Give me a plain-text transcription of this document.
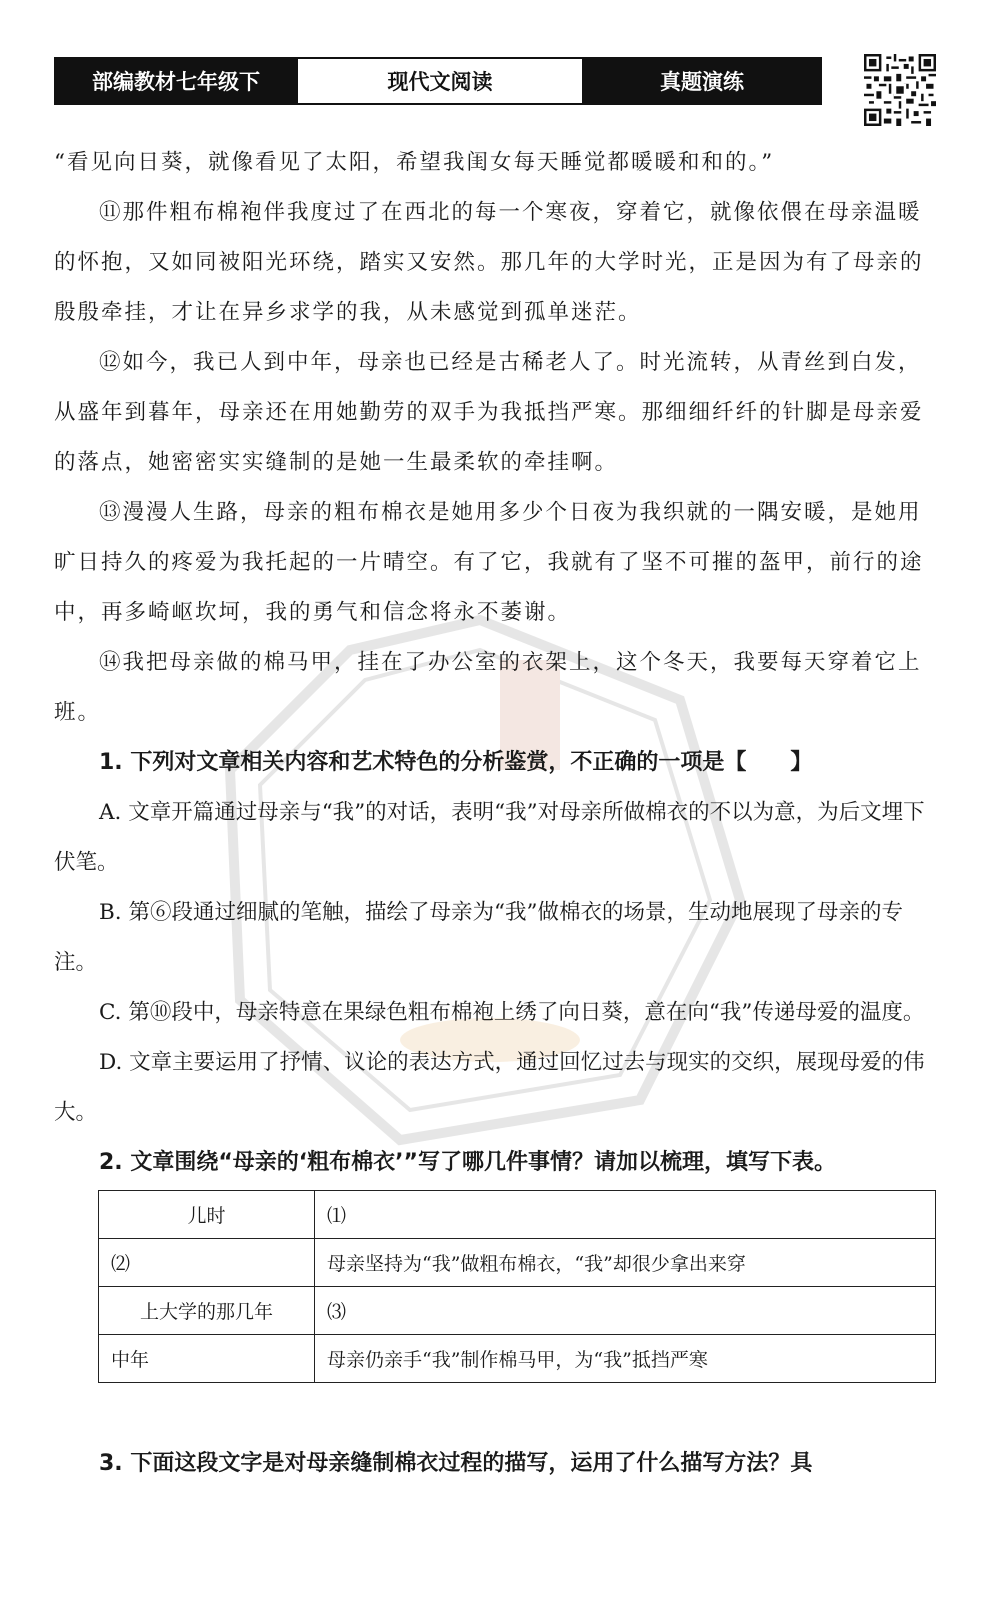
部编教材七年级下	现代文阅读	真题演练

“看见向日葵，就像看见了太阳，希望我闺女每天睡觉都暖暖和和的。”

⑪那件粗布棉袍伴我度过了在西北的每一个寒夜，穿着它，就像依偎在母亲温暖的怀抱，又如同被阳光环绕，踏实又安然。那几年的大学时光，正是因为有了母亲的殷殷牵挂，才让在异乡求学的我，从未感觉到孤单迷茫。

⑫如今，我已人到中年，母亲也已经是古稀老人了。时光流转，从青丝到白发，从盛年到暮年，母亲还在用她勤劳的双手为我抵挡严寒。那细细纤纤的针脚是母亲爱的落点，她密密实实缝制的是她一生最柔软的牵挂啊。

⑬漫漫人生路，母亲的粗布棉衣是她用多少个日夜为我织就的一隅安暖，是她用旷日持久的疼爱为我托起的一片晴空。有了它，我就有了坚不可摧的盔甲，前行的途中，再多崎岖坎坷，我的勇气和信念将永不萎谢。

⑭我把母亲做的棉马甲，挂在了办公室的衣架上，这个冬天，我要每天穿着它上班。

1. 下列对文章相关内容和艺术特色的分析鉴赏，不正确的一项是【　　】

A. 文章开篇通过母亲与“我”的对话，表明“我”对母亲所做棉衣的不以为意，为后文埋下伏笔。

B. 第⑥段通过细腻的笔触，描绘了母亲为“我”做棉衣的场景，生动地展现了母亲的专注。

C. 第⑩段中，母亲特意在果绿色粗布棉袍上绣了向日葵，意在向“我”传递母爱的温度。

D. 文章主要运用了抒情、议论的表达方式，通过回忆过去与现实的交织，展现母爱的伟大。

2. 文章围绕“母亲的‘粗布棉衣’”写了哪几件事情？请加以梳理，填写下表。

儿时	⑴
⑵	母亲坚持为“我”做粗布棉衣，“我”却很少拿出来穿
上大学的那几年	⑶
中年	母亲仍亲手“我”制作棉马甲，为“我”抵挡严寒

3. 下面这段文字是对母亲缝制棉衣过程的描写，运用了什么描写方法？具
